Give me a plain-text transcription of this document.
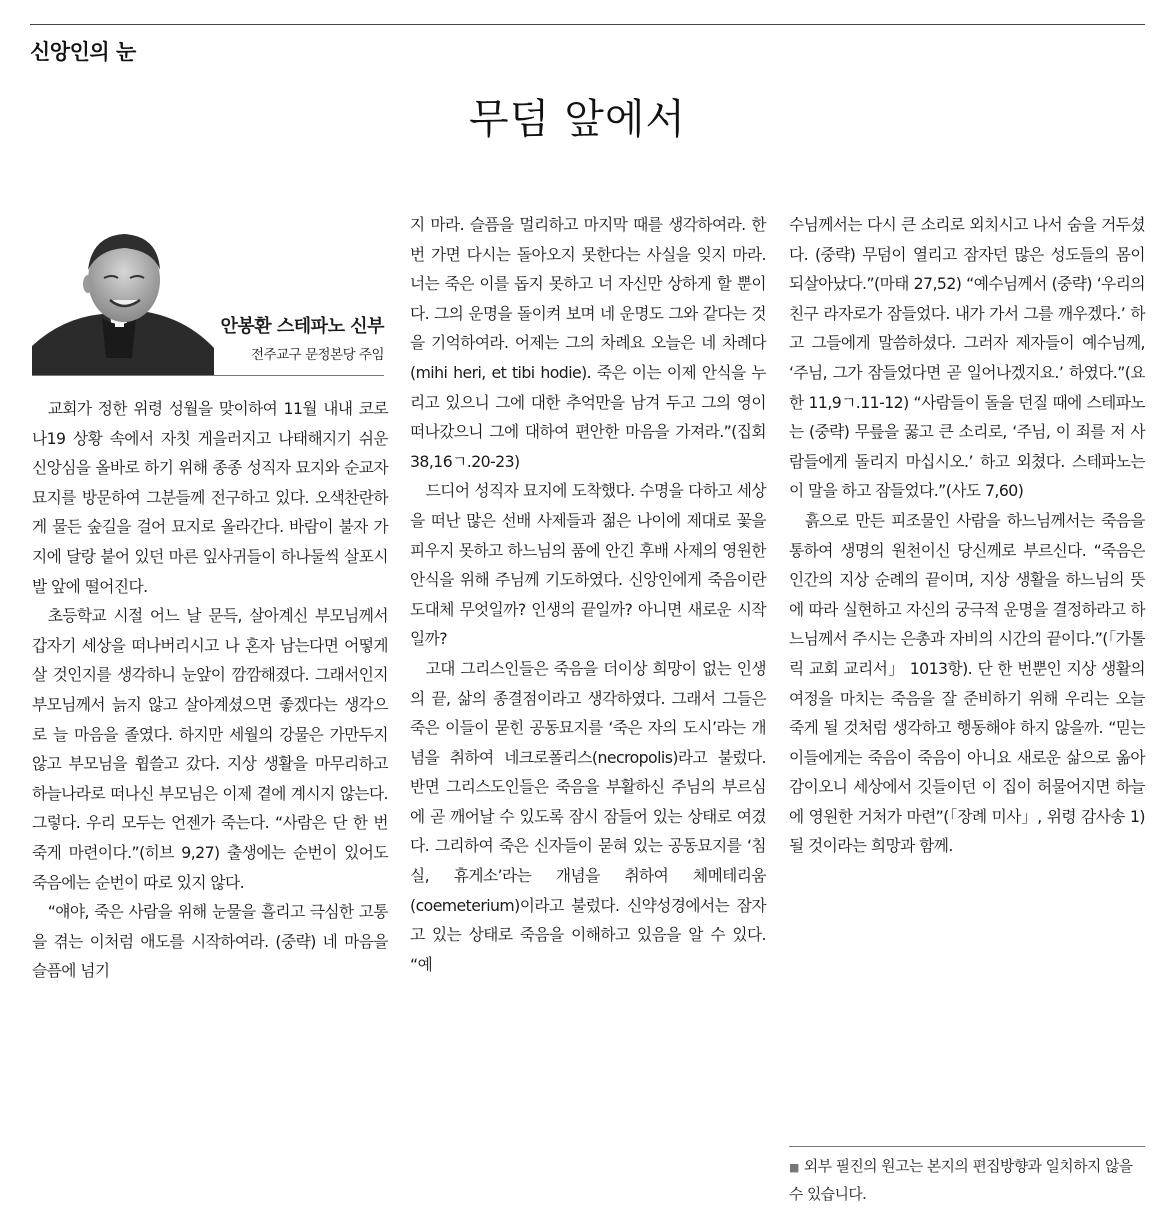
신앙인의 눈
무덤 앞에서
안봉환 스테파노 신부
전주교구 문정본당 주임

교회가 정한 위령 성월을 맞이하여 11월 내내 코로나19 상황 속에서 자칫 게을러지고 나태해지기 쉬운 신앙심을 올바로 하기 위해 종종 성직자 묘지와 순교자 묘지를 방문하여 그분들께 전구하고 있다. 오색찬란하게 물든 숲길을 걸어 묘지로 올라간다. 바람이 불자 가지에 달랑 붙어 있던 마른 잎사귀들이 하나둘씩 살포시 발 앞에 떨어진다.

초등학교 시절 어느 날 문득, 살아계신 부모님께서 갑자기 세상을 떠나버리시고 나 혼자 남는다면 어떻게 살 것인지를 생각하니 눈앞이 깜깜해졌다. 그래서인지 부모님께서 늙지 않고 살아계셨으면 좋겠다는 생각으로 늘 마음을 졸였다. 하지만 세월의 강물은 가만두지 않고 부모님을 휩쓸고 갔다. 지상 생활을 마무리하고 하늘나라로 떠나신 부모님은 이제 곁에 계시지 않는다. 그렇다. 우리 모두는 언젠가 죽는다. “사람은 단 한 번 죽게 마련이다.”(히브 9,27) 출생에는 순번이 있어도 죽음에는 순번이 따로 있지 않다.

“얘야, 죽은 사람을 위해 눈물을 흘리고 극심한 고통을 겪는 이처럼 애도를 시작하여라. (중략) 네 마음을 슬픔에 넘기

지 마라. 슬픔을 멀리하고 마지막 때를 생각하여라. 한 번 가면 다시는 돌아오지 못한다는 사실을 잊지 마라. 너는 죽은 이를 돕지 못하고 너 자신만 상하게 할 뿐이다. 그의 운명을 돌이켜 보며 네 운명도 그와 같다는 것을 기억하여라. 어제는 그의 차례요 오늘은 네 차례다(mihi heri, et tibi hodie). 죽은 이는 이제 안식을 누리고 있으니 그에 대한 추억만을 남겨 두고 그의 영이 떠나갔으니 그에 대하여 편안한 마음을 가져라.”(집회 38,16ㄱ.20-23)

드디어 성직자 묘지에 도착했다. 수명을 다하고 세상을 떠난 많은 선배 사제들과 젊은 나이에 제대로 꽃을 피우지 못하고 하느님의 품에 안긴 후배 사제의 영원한 안식을 위해 주님께 기도하였다. 신앙인에게 죽음이란 도대체 무엇일까? 인생의 끝일까? 아니면 새로운 시작일까?

고대 그리스인들은 죽음을 더이상 희망이 없는 인생의 끝, 삶의 종결점이라고 생각하였다. 그래서 그들은 죽은 이들이 묻힌 공동묘지를 ‘죽은 자의 도시’라는 개념을 취하여 네크로폴리스(necropolis)라고 불렀다. 반면 그리스도인들은 죽음을 부활하신 주님의 부르심에 곧 깨어날 수 있도록 잠시 잠들어 있는 상태로 여겼다. 그리하여 죽은 신자들이 묻혀 있는 공동묘지를 ‘침실, 휴게소’라는 개념을 취하여 체메테리움(coemeterium)이라고 불렀다. 신약성경에서는 잠자고 있는 상태로 죽음을 이해하고 있음을 알 수 있다. “예

수님께서는 다시 큰 소리로 외치시고 나서 숨을 거두셨다. (중략) 무덤이 열리고 잠자던 많은 성도들의 몸이 되살아났다.”(마태 27,52) “예수님께서 (중략) ‘우리의 친구 라자로가 잠들었다. 내가 가서 그를 깨우겠다.’ 하고 그들에게 말씀하셨다. 그러자 제자들이 예수님께, ‘주님, 그가 잠들었다면 곧 일어나겠지요.’ 하였다.”(요한 11,9ㄱ.11-12) “사람들이 돌을 던질 때에 스테파노는 (중략) 무릎을 꿇고 큰 소리로, ‘주님, 이 죄를 저 사람들에게 돌리지 마십시오.’ 하고 외쳤다. 스테파노는 이 말을 하고 잠들었다.”(사도 7,60)

흙으로 만든 피조물인 사람을 하느님께서는 죽음을 통하여 생명의 원천이신 당신께로 부르신다. “죽음은 인간의 지상 순례의 끝이며, 지상 생활을 하느님의 뜻에 따라 실현하고 자신의 궁극적 운명을 결정하라고 하느님께서 주시는 은총과 자비의 시간의 끝이다.”(「가톨릭 교회 교리서」 1013항). 단 한 번뿐인 지상 생활의 여정을 마치는 죽음을 잘 준비하기 위해 우리는 오늘 죽게 될 것처럼 생각하고 행동해야 하지 않을까. “믿는 이들에게는 죽음이 죽음이 아니요 새로운 삶으로 옮아감이오니 세상에서 깃들이던 이 집이 허물어지면 하늘에 영원한 거처가 마련”(「장례 미사」, 위령 감사송 1)될 것이라는 희망과 함께.

■ 외부 필진의 원고는 본지의 편집방향과 일치하지 않을 수 있습니다.
